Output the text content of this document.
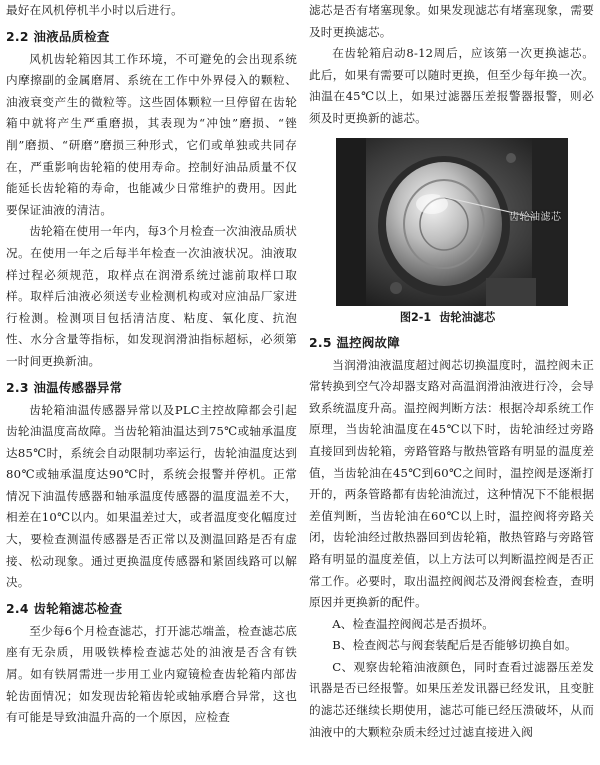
最好在风机停机半小时以后进行。

2.2 油液品质检查

风机齿轮箱因其工作环境，不可避免的会出现系统内摩擦副的金属磨屑、系统在工作中外界侵入的颗粒、油液衰变产生的微粒等。这些固体颗粒一旦停留在齿轮箱中就将产生严重磨损，其表现为“冲蚀”磨损、“锉削”磨损、“研磨”磨损三种形式，它们或单独或共同存在，严重影响齿轮箱的使用寿命。控制好油品质量不仅能延长齿轮箱的寿命，也能减少日常维护的费用。因此要保证油液的清洁。

齿轮箱在使用一年内，每3个月检查一次油液品质状况。在使用一年之后每半年检查一次油液状况。油液取样过程必须规范，取样点在润滑系统过滤前取样口取样。取样后油液必须送专业检测机构或对应油品厂家进行检测。检测项目包括清洁度、粘度、氧化度、抗泡性、水分含量等指标，如发现润滑油指标超标，必须第一时间更换新油。

2.3 油温传感器异常

齿轮箱油温传感器异常以及PLC主控故障都会引起齿轮油温度高故障。当齿轮箱油温达到75℃或轴承温度达85℃时，系统会自动限制功率运行，齿轮油温度达到80℃或轴承温度达90℃时，系统会报警并停机。正常情况下油温传感器和轴承温度传感器的温度温差不大，相差在10℃以内。如果温差过大，或者温度变化幅度过大，要检查测温传感器是否正常以及测温回路是否有虚接、松动现象。通过更换温度传感器和紧固线路可以解决。

2.4 齿轮箱滤芯检查

至少每6个月检查滤芯，打开滤芯端盖，检查滤芯底座有无杂质，用吸铁棒检查滤芯处的油液是否含有铁屑。如有铁屑需进一步用工业内窥镜检查齿轮箱内部齿轮齿面情况；如发现齿轮箱齿轮或轴承磨合异常，这也有可能是导致油温升高的一个原因，应检查

滤芯是否有堵塞现象。如果发现滤芯有堵塞现象，需要及时更换滤芯。

在齿轮箱启动8-12周后，应该第一次更换滤芯。此后，如果有需要可以随时更换，但至少每年换一次。油温在45℃以上，如果过滤器压差报警器报警，则必须及时更换新的滤芯。

齿轮油滤芯
图2-1 齿轮油滤芯
2.5 温控阀故障

当润滑油液温度超过阀芯切换温度时，温控阀未正常转换到空气冷却器支路对高温润滑油液进行冷，会导致系统温度升高。温控阀判断方法：根据冷却系统工作原理，当齿轮油温度在45℃以下时，齿轮油经过旁路直接回到齿轮箱，旁路管路与散热管路有明显的温度差值，当齿轮油在45℃到60℃之间时，温控阀是逐渐打开的，两条管路都有齿轮油流过，这种情况下不能根据差值判断，当齿轮油在60℃以上时，温控阀将旁路关闭，齿轮油经过散热器回到齿轮箱，散热管路与旁路管路有明显的温度差值，以上方法可以判断温控阀是否正常工作。必要时，取出温控阀阀芯及滑阀套检查，查明原因并更换新的配件。

A、检查温控阀阀芯是否损坏。

B、检查阀芯与阀套装配后是否能够切换自如。

C、观察齿轮箱油液颜色，同时查看过滤器压差发讯器是否已经报警。如果压差发讯器已经发讯，且变脏的滤芯还继续长期使用，滤芯可能已经压溃破坏，从而油液中的大颗粒杂质未经过过滤直接进入阀
